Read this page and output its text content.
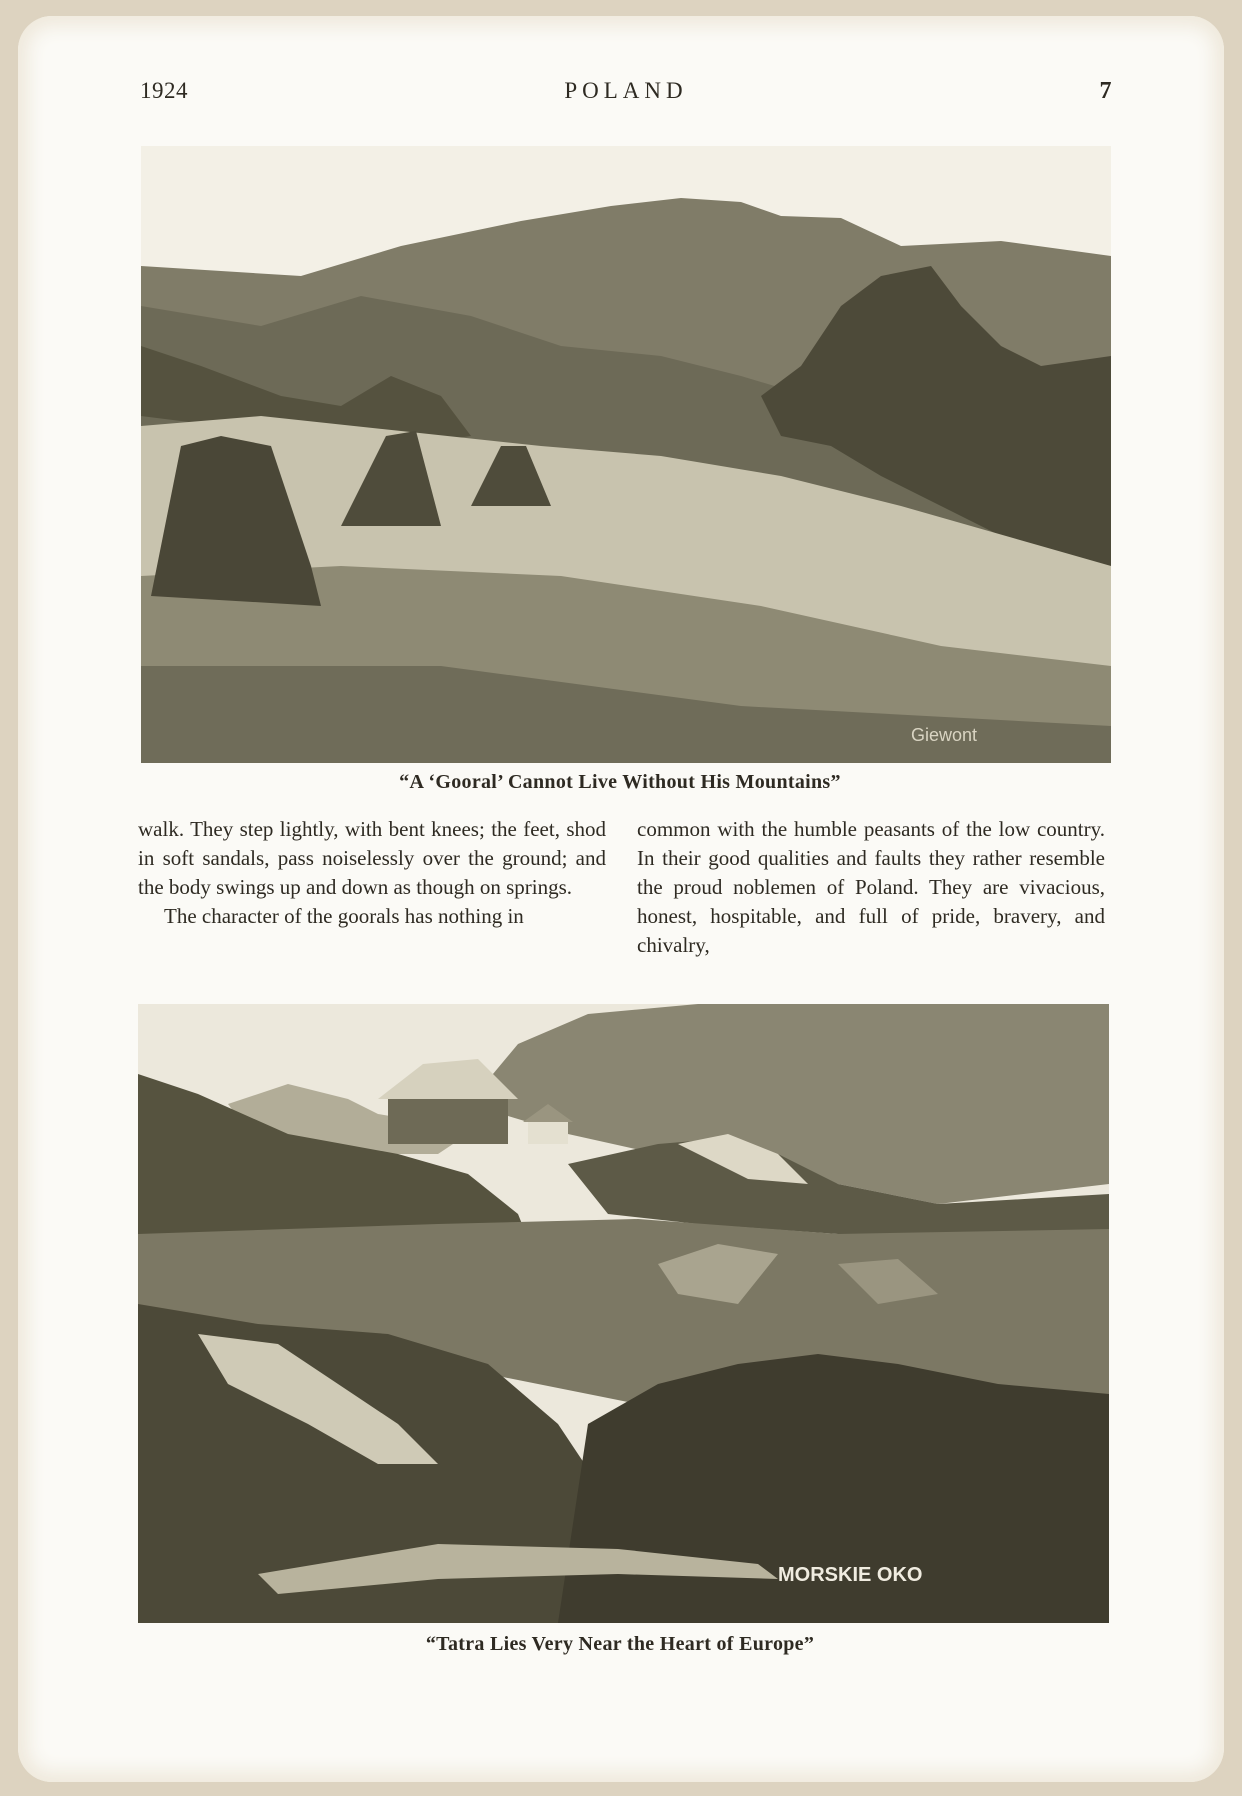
1924	POLAND	7
Giewont
“A ‘Gooral’ Cannot Live Without His Mountains”

walk. They step lightly, with bent knees; the feet, shod in soft sandals, pass noiselessly over the ground; and the body swings up and down as though on springs.

The character of the goorals has nothing in

common with the humble peasants of the low country. In their good qualities and faults they rather resemble the proud noblemen of Poland. They are vivacious, honest, hospitable, and full of pride, bravery, and chivalry,

MORSKIE OKO
“Tatra Lies Very Near the Heart of Europe”
